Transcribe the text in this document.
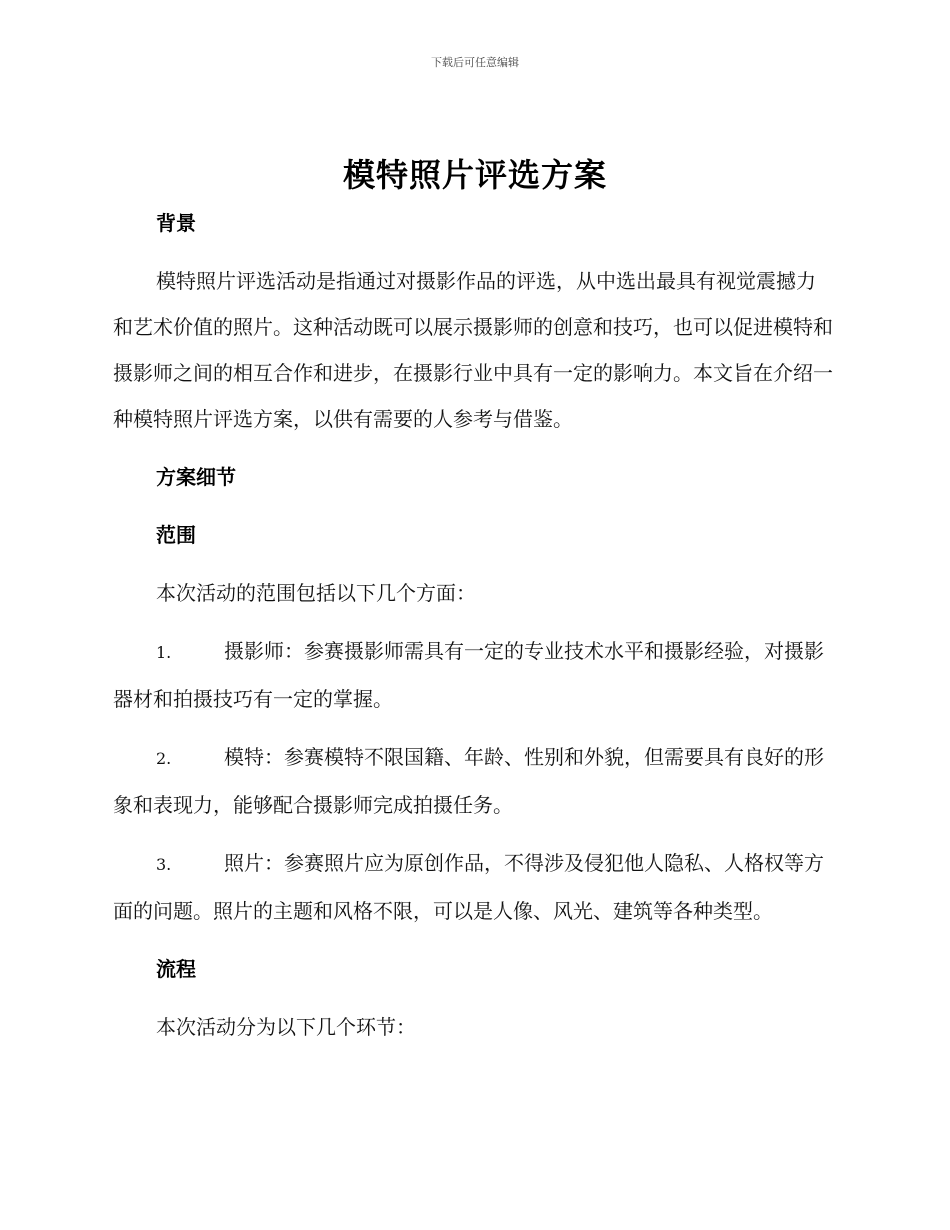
下载后可任意编辑
模特照片评选方案

背景

模特照片评选活动是指通过对摄影作品的评选，从中选出最具有视觉震撼力和艺术价值的照片。这种活动既可以展示摄影师的创意和技巧，也可以促进模特和摄影师之间的相互合作和进步，在摄影行业中具有一定的影响力。本文旨在介绍一种模特照片评选方案，以供有需要的人参考与借鉴。

方案细节

范围

本次活动的范围包括以下几个方面：

1.	摄影师：参赛摄影师需具有一定的专业技术水平和摄影经验，对摄影器材和拍摄技巧有一定的掌握。

2.	模特：参赛模特不限国籍、年龄、性别和外貌，但需要具有良好的形象和表现力，能够配合摄影师完成拍摄任务。

3.	照片：参赛照片应为原创作品，不得涉及侵犯他人隐私、人格权等方面的问题。照片的主题和风格不限，可以是人像、风光、建筑等各种类型。

流程

本次活动分为以下几个环节：
